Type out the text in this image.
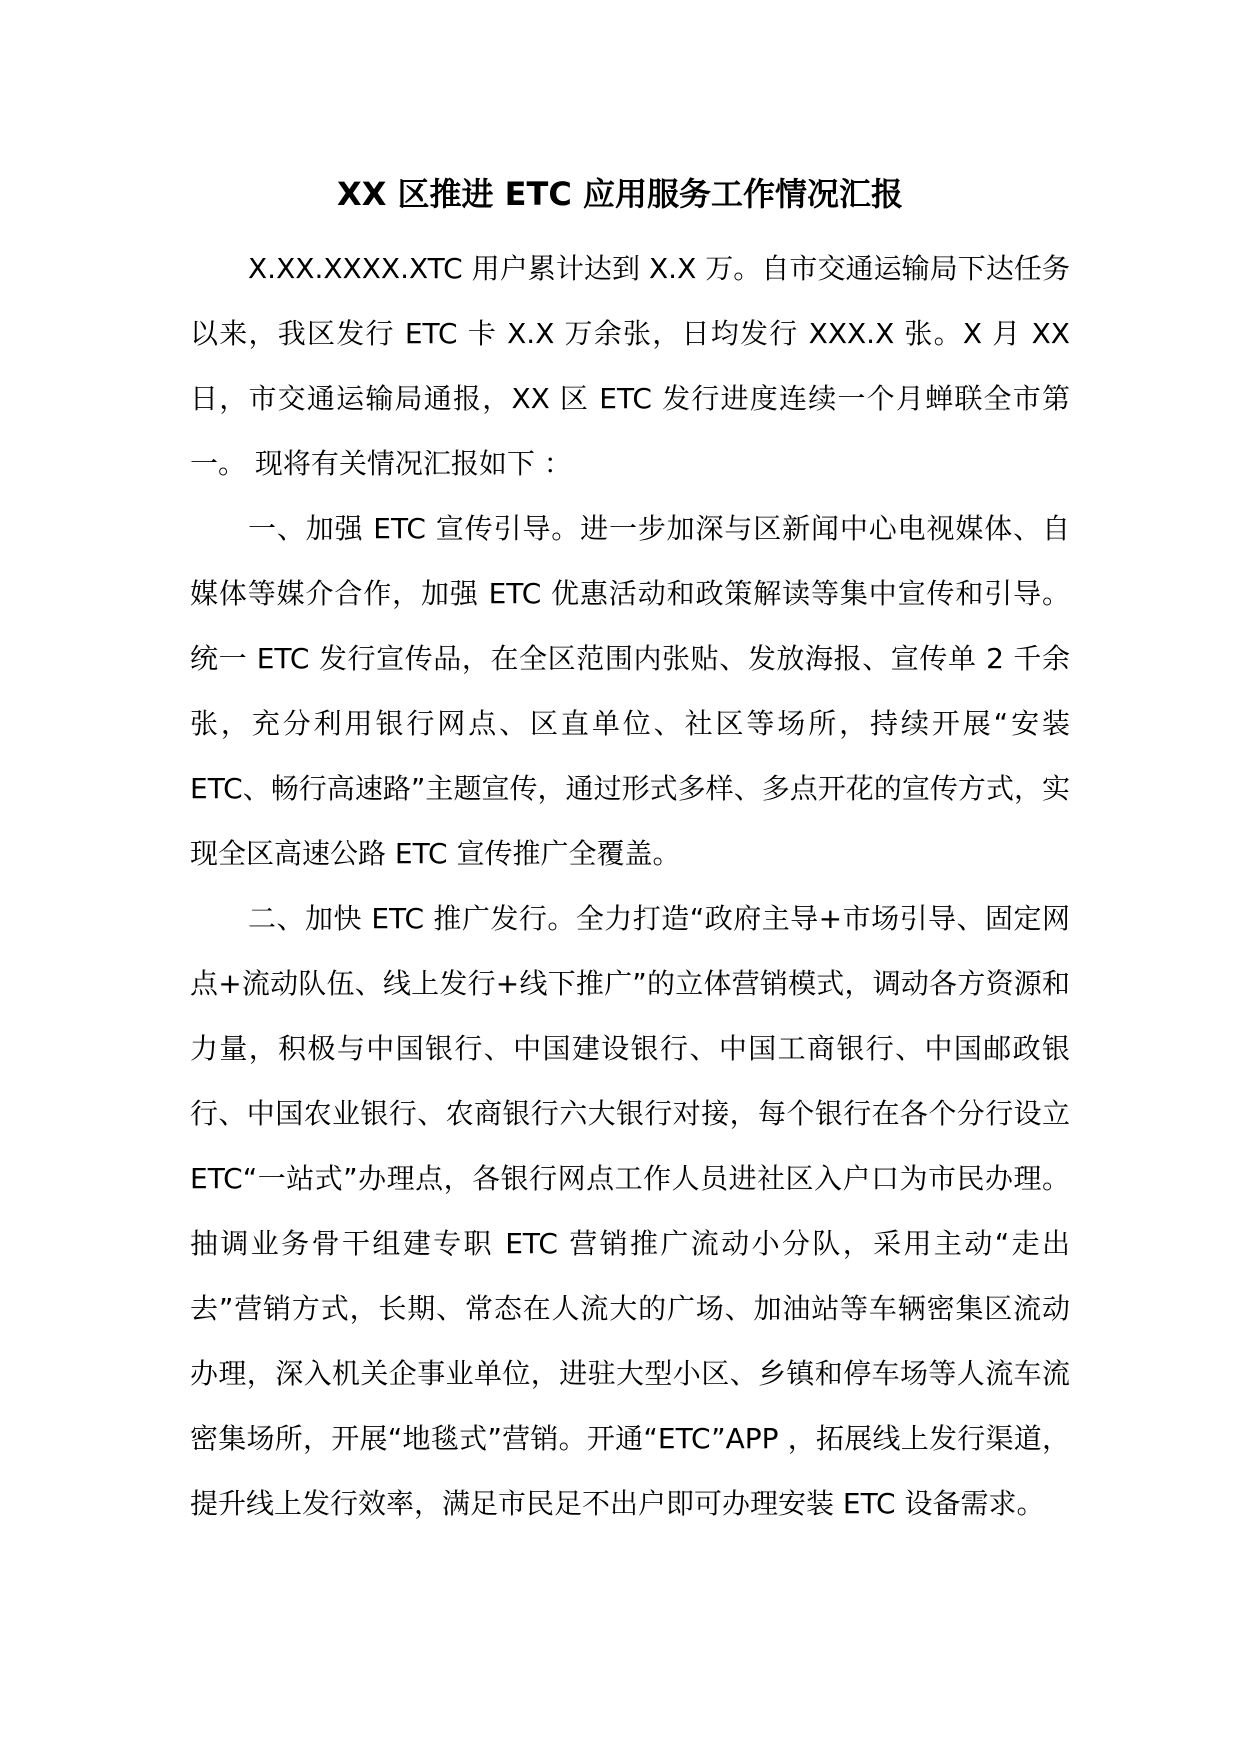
XX 区推进 ETC 应用服务工作情况汇报

X.XX.XXXX.XTC 用户累计达到 X.X 万。自市交通运输局下达任务以来，我区发行 ETC 卡 X.X 万余张，日均发行 XXX.X 张。X 月 XX 日，市交通运输局通报，XX 区 ETC 发行进度连续一个月蝉联全市第一。 现将有关情况汇报如下 ：

一、加强 ETC 宣传引导。进一步加深与区新闻中心电视媒体、自媒体等媒介合作，加强 ETC 优惠活动和政策解读等集中宣传和引导。统一 ETC 发行宣传品，在全区范围内张贴、发放海报、宣传单 2 千余张，充分利用银行网点、区直单位、社区等场所，持续开展“安装 ETC、畅行高速路”主题宣传，通过形式多样、多点开花的宣传方式，实现全区高速公路 ETC 宣传推广全覆盖。

二、加快 ETC 推广发行。全力打造“政府主导+市场引导、固定网点+流动队伍、线上发行+线下推广”的立体营销模式，调动各方资源和力量，积极与中国银行、中国建设银行、中国工商银行、中国邮政银行、中国农业银行、农商银行六大银行对接，每个银行在各个分行设立 ETC“一站式”办理点，各银行网点工作人员进社区入户口为市民办理。抽调业务骨干组建专职 ETC 营销推广流动小分队，采用主动“走出去”营销方式，长期、常态在人流大的广场、加油站等车辆密集区流动办理，深入机关企事业单位，进驻大型小区、乡镇和停车场等人流车流密集场所，开展“地毯式”营销。开通“ETC”APP ，拓展线上发行渠道，提升线上发行效率，满足市民足不出户即可办理安装 ETC 设备需求。
